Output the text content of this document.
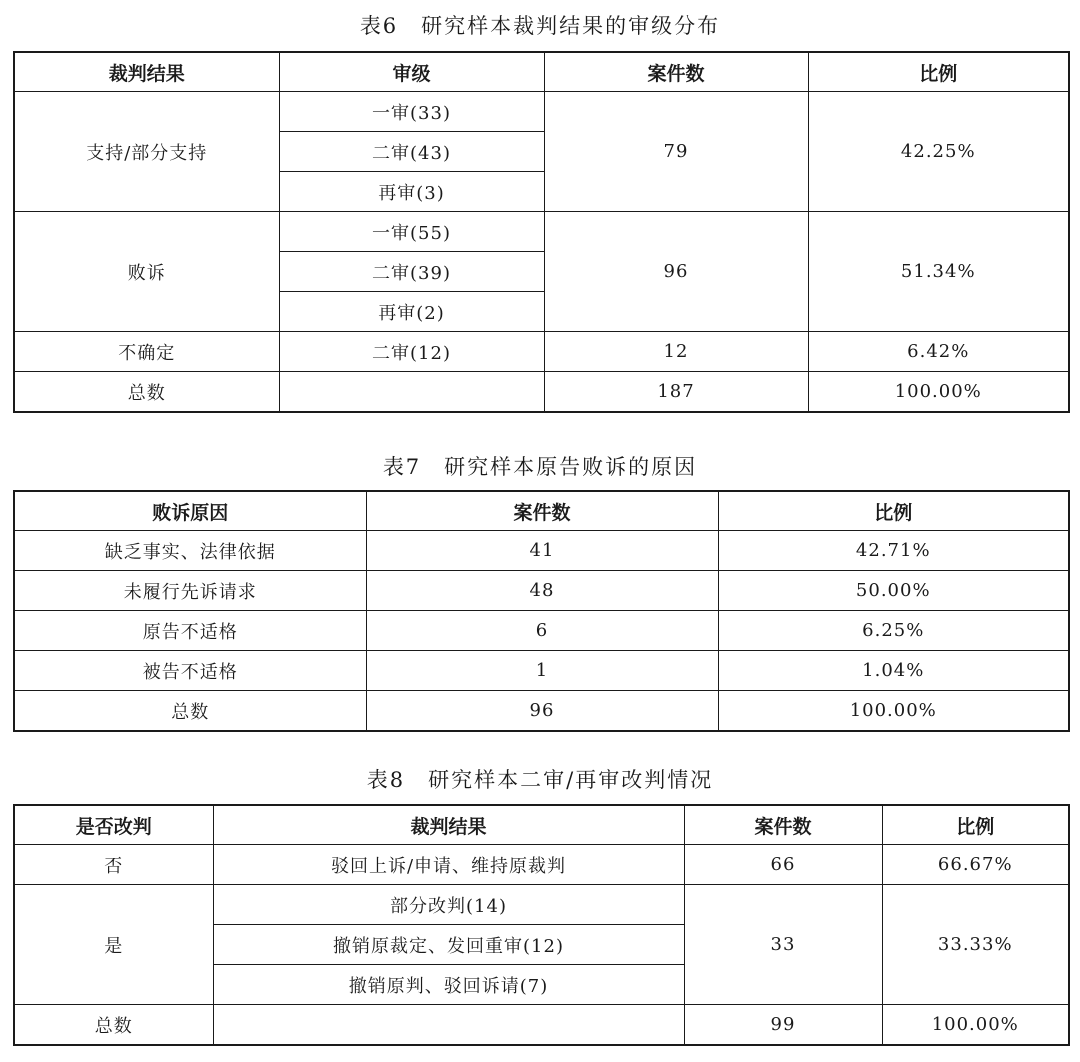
表6　研究样本裁判结果的审级分布
裁判结果	审级	案件数	比例
支持/部分支持	一审(33)	79	42.25%
	二审(43)		
	再审(3)		
败诉	一审(55)	96	51.34%
	二审(39)		
	再审(2)		
不确定	二审(12)	12	6.42%
总数		187	100.00%
表7　研究样本原告败诉的原因
败诉原因	案件数	比例
缺乏事实、法律依据	41	42.71%
未履行先诉请求	48	50.00%
原告不适格	6	6.25%
被告不适格	1	1.04%
总数	96	100.00%
表8　研究样本二审/再审改判情况
是否改判	裁判结果	案件数	比例
否	驳回上诉/申请、维持原裁判	66	66.67%
是	部分改判(14)	33	33.33%
	撤销原裁定、发回重审(12)		
	撤销原判、驳回诉请(7)		
总数		99	100.00%
